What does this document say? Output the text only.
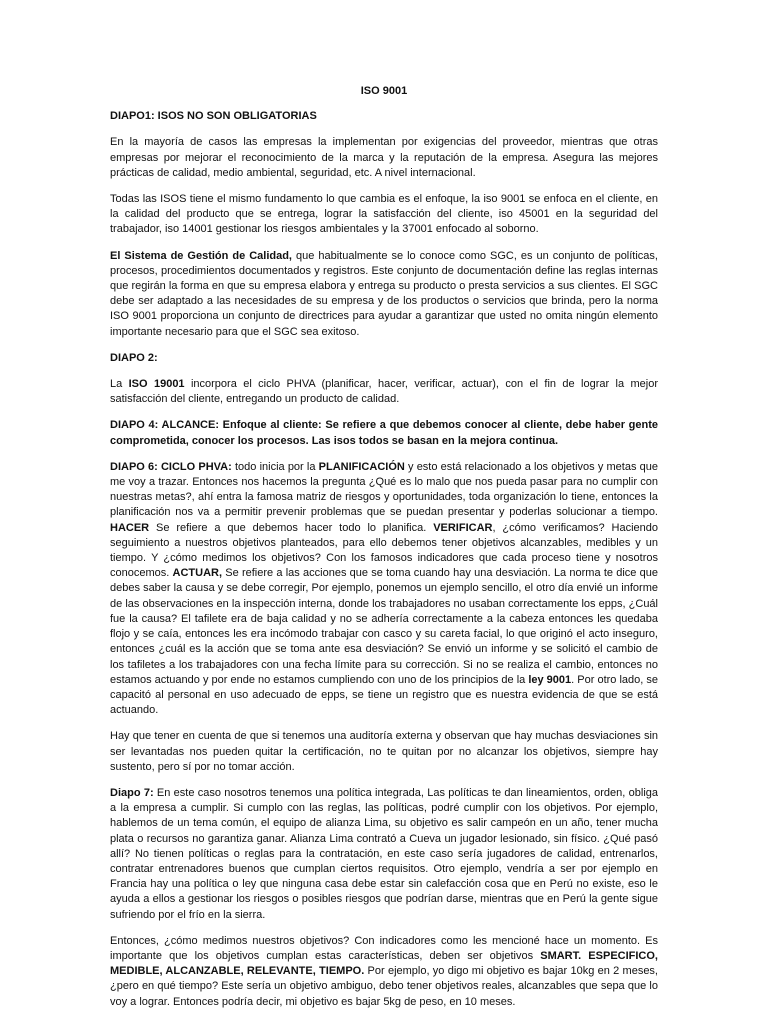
ISO 9001

DIAPO1: ISOS NO SON OBLIGATORIAS

En la mayoría de casos las empresas la implementan por exigencias del proveedor, mientras que otras empresas por mejorar el reconocimiento de la marca y la reputación de la empresa. Asegura las mejores prácticas de calidad, medio ambiental, seguridad, etc. A nivel internacional.

Todas las ISOS tiene el mismo fundamento lo que cambia es el enfoque, la iso 9001 se enfoca en el cliente, en la calidad del producto que se entrega, lograr la satisfacción del cliente, iso 45001 en la seguridad del trabajador, iso 14001 gestionar los riesgos ambientales y la 37001 enfocado al soborno.

El Sistema de Gestión de Calidad, que habitualmente se lo conoce como SGC, es un conjunto de políticas, procesos, procedimientos documentados y registros. Este conjunto de documentación define las reglas internas que regirán la forma en que su empresa elabora y entrega su producto o presta servicios a sus clientes. El SGC debe ser adaptado a las necesidades de su empresa y de los productos o servicios que brinda, pero la norma ISO 9001 proporciona un conjunto de directrices para ayudar a garantizar que usted no omita ningún elemento importante necesario para que el SGC sea exitoso.

DIAPO 2:

La ISO 19001 incorpora el ciclo PHVA (planificar, hacer, verificar, actuar), con el fin de lograr la mejor satisfacción del cliente, entregando un producto de calidad.

DIAPO 4: ALCANCE: Enfoque al cliente: Se refiere a que debemos conocer al cliente, debe haber gente comprometida, conocer los procesos. Las isos todos se basan en la mejora continua.

DIAPO 6: CICLO PHVA: todo inicia por la PLANIFICACIÓN y esto está relacionado a los objetivos y metas que me voy a trazar. Entonces nos hacemos la pregunta ¿Qué es lo malo que nos pueda pasar para no cumplir con nuestras metas?, ahí entra la famosa matriz de riesgos y oportunidades, toda organización lo tiene, entonces la planificación nos va a permitir prevenir problemas que se puedan presentar y poderlas solucionar a tiempo. HACER Se refiere a que debemos hacer todo lo planifica. VERIFICAR, ¿cómo verificamos? Haciendo seguimiento a nuestros objetivos planteados, para ello debemos tener objetivos alcanzables, medibles y un tiempo. Y ¿cómo medimos los objetivos? Con los famosos indicadores que cada proceso tiene y nosotros conocemos. ACTUAR, Se refiere a las acciones que se toma cuando hay una desviación. La norma te dice que debes saber la causa y se debe corregir, Por ejemplo, ponemos un ejemplo sencillo, el otro día envié un informe de las observaciones en la inspección interna, donde los trabajadores no usaban correctamente los epps, ¿Cuál fue la causa? El tafilete era de baja calidad y no se adhería correctamente a la cabeza entonces les quedaba flojo y se caía, entonces les era incómodo trabajar con casco y su careta facial, lo que originó el acto inseguro, entonces ¿cuál es la acción que se toma ante esa desviación? Se envió un informe y se solicitó el cambio de los tafiletes a los trabajadores con una fecha límite para su corrección. Si no se realiza el cambio, entonces no estamos actuando y por ende no estamos cumpliendo con uno de los principios de la ley 9001. Por otro lado, se capacitó al personal en uso adecuado de epps, se tiene un registro que es nuestra evidencia de que se está actuando.

Hay que tener en cuenta de que si tenemos una auditoría externa y observan que hay muchas desviaciones sin ser levantadas nos pueden quitar la certificación, no te quitan por no alcanzar los objetivos, siempre hay sustento, pero sí por no tomar acción.

Diapo 7: En este caso nosotros tenemos una política integrada, Las políticas te dan lineamientos, orden, obliga a la empresa a cumplir. Si cumplo con las reglas, las políticas, podré cumplir con los objetivos. Por ejemplo, hablemos de un tema común, el equipo de alianza Lima, su objetivo es salir campeón en un año, tener mucha plata o recursos no garantiza ganar. Alianza Lima contrató a Cueva un jugador lesionado, sin físico. ¿Qué pasó allí? No tienen políticas o reglas para la contratación, en este caso sería jugadores de calidad, entrenarlos, contratar entrenadores buenos que cumplan ciertos requisitos. Otro ejemplo, vendría a ser por ejemplo en Francia hay una política o ley que ninguna casa debe estar sin calefacción cosa que en Perú no existe, eso le ayuda a ellos a gestionar los riesgos o posibles riesgos que podrían darse, mientras que en Perú la gente sigue sufriendo por el frío en la sierra.

Entonces, ¿cómo medimos nuestros objetivos? Con indicadores como les mencioné hace un momento. Es importante que los objetivos cumplan estas características, deben ser objetivos SMART. ESPECIFICO, MEDIBLE, ALCANZABLE, RELEVANTE, TIEMPO. Por ejemplo, yo digo mi objetivo es bajar 10kg en 2 meses, ¿pero en qué tiempo? Este sería un objetivo ambiguo, debo tener objetivos reales, alcanzables que sepa que lo voy a lograr. Entonces podría decir, mi objetivo es bajar 5kg de peso, en 10 meses.
